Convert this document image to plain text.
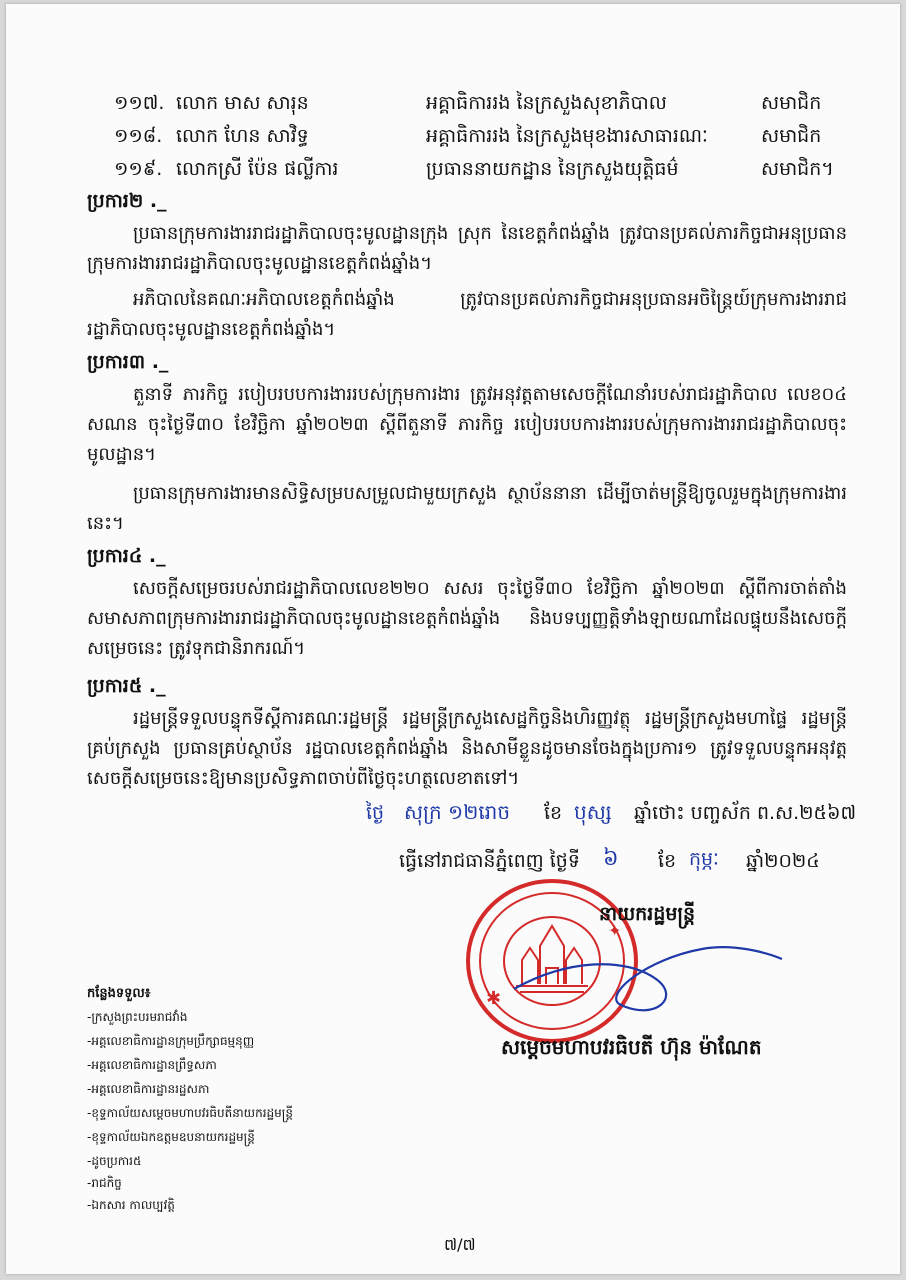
១១៧. លោក មាស សារុន	អគ្គាធិការរង នៃក្រសួងសុខាភិបាល	សមាជិក
១១៨. លោក ហែន សាវិទ្ធ	អគ្គាធិការរង នៃក្រសួងមុខងារសាធារណៈ	សមាជិក
១១៩. លោកស្រី ប៉ែន ផល្លីការ	ប្រធាននាយកដ្ឋាន នៃក្រសួងយុត្តិធម៌	សមាជិក។
ប្រការ២ ._

ប្រធានក្រុមការងាររាជរដ្ឋាភិបាលចុះមូលដ្ឋានក្រុង ស្រុក នៃខេត្តកំពង់ឆ្នាំង ត្រូវបានប្រគល់ភារកិច្ចជាអនុប្រធានក្រុមការងាររាជរដ្ឋាភិបាលចុះមូលដ្ឋានខេត្តកំពង់ឆ្នាំង។

អភិបាលនៃគណៈអភិបាលខេត្តកំពង់ឆ្នាំង ត្រូវបានប្រគល់ភារកិច្ចជាអនុប្រធានអចិន្ត្រៃយ៍ក្រុមការងាររាជរដ្ឋាភិបាលចុះមូលដ្ឋានខេត្តកំពង់ឆ្នាំង។

ប្រការ៣ ._

តួនាទី ភារកិច្ច របៀបរបបការងាររបស់ក្រុមការងារ ត្រូវអនុវត្តតាមសេចក្តីណែនាំរបស់រាជរដ្ឋាភិបាល លេខ០៤ សណន ចុះថ្ងៃទី៣០ ខែវិច្ឆិកា ឆ្នាំ២០២៣ ស្តីពីតួនាទី ភារកិច្ច របៀបរបបការងាររបស់ក្រុមការងាររាជរដ្ឋាភិបាលចុះមូលដ្ឋាន។

ប្រធានក្រុមការងារមានសិទ្ធិសម្របសម្រួលជាមួយក្រសួង ស្ថាប័ននានា ដើម្បីចាត់មន្ត្រីឱ្យចូលរួមក្នុងក្រុមការងារនេះ។

ប្រការ៤ ._

សេចក្តីសម្រេចរបស់រាជរដ្ឋាភិបាលលេខ២២០ សសរ ចុះថ្ងៃទី៣០ ខែវិច្ឆិកា ឆ្នាំ២០២៣ ស្តីពីការចាត់តាំងសមាសភាពក្រុមការងាររាជរដ្ឋាភិបាលចុះមូលដ្ឋានខេត្តកំពង់ឆ្នាំង និងបទប្បញ្ញត្តិទាំងឡាយណាដែលផ្ទុយនឹងសេចក្តីសម្រេចនេះ ត្រូវទុកជានិរាករណ៍។

ប្រការ៥ ._

រដ្ឋមន្ត្រីទទួលបន្ទុកទីស្តីការគណៈរដ្ឋមន្ត្រី រដ្ឋមន្ត្រីក្រសួងសេដ្ឋកិច្ចនិងហិរញ្ញវត្ថុ រដ្ឋមន្ត្រីក្រសួងមហាផ្ទៃ រដ្ឋមន្ត្រីគ្រប់ក្រសួង ប្រធានគ្រប់ស្ថាប័ន រដ្ឋបាលខេត្តកំពង់ឆ្នាំង និងសាមីខ្លួនដូចមានចែងក្នុងប្រការ១ ត្រូវទទួលបន្ទុកអនុវត្តសេចក្តីសម្រេចនេះឱ្យមានប្រសិទ្ធភាពចាប់ពីថ្ងៃចុះហត្ថលេខាតទៅ។

ថ្ងៃ សុក្រ ១២រោច ខែ បុស្ស ឆ្នាំថោះ បញ្ចស័ក ព.ស.២៥៦៧
ធ្វើនៅរាជធានីភ្នំពេញ ថ្ងៃទី ៦ ខែ កុម្ភៈ ឆ្នាំ២០២៤
✱
✦
នាយករដ្ឋមន្ត្រី
សម្តេចមហាបវរធិបតី ហ៊ុន ម៉ាណែត
កន្លែងទទួល៖
-ក្រសួងព្រះបរមរាជវាំង
-អគ្គលេខាធិការដ្ឋានក្រុមប្រឹក្សាធម្មនុញ្ញ
-អគ្គលេខាធិការដ្ឋានព្រឹទ្ធសភា
-អគ្គលេខាធិការដ្ឋានរដ្ឋសភា
-ខុទ្ទកាល័យសម្តេចមហាបវរធិបតីនាយករដ្ឋមន្ត្រី
-ខុទ្ទកាល័យឯកឧត្តមឧបនាយករដ្ឋមន្ត្រី
-ដូចប្រការ៥
-រាជកិច្ច
-ឯកសារ កាលប្បវត្តិ
៧/៧
